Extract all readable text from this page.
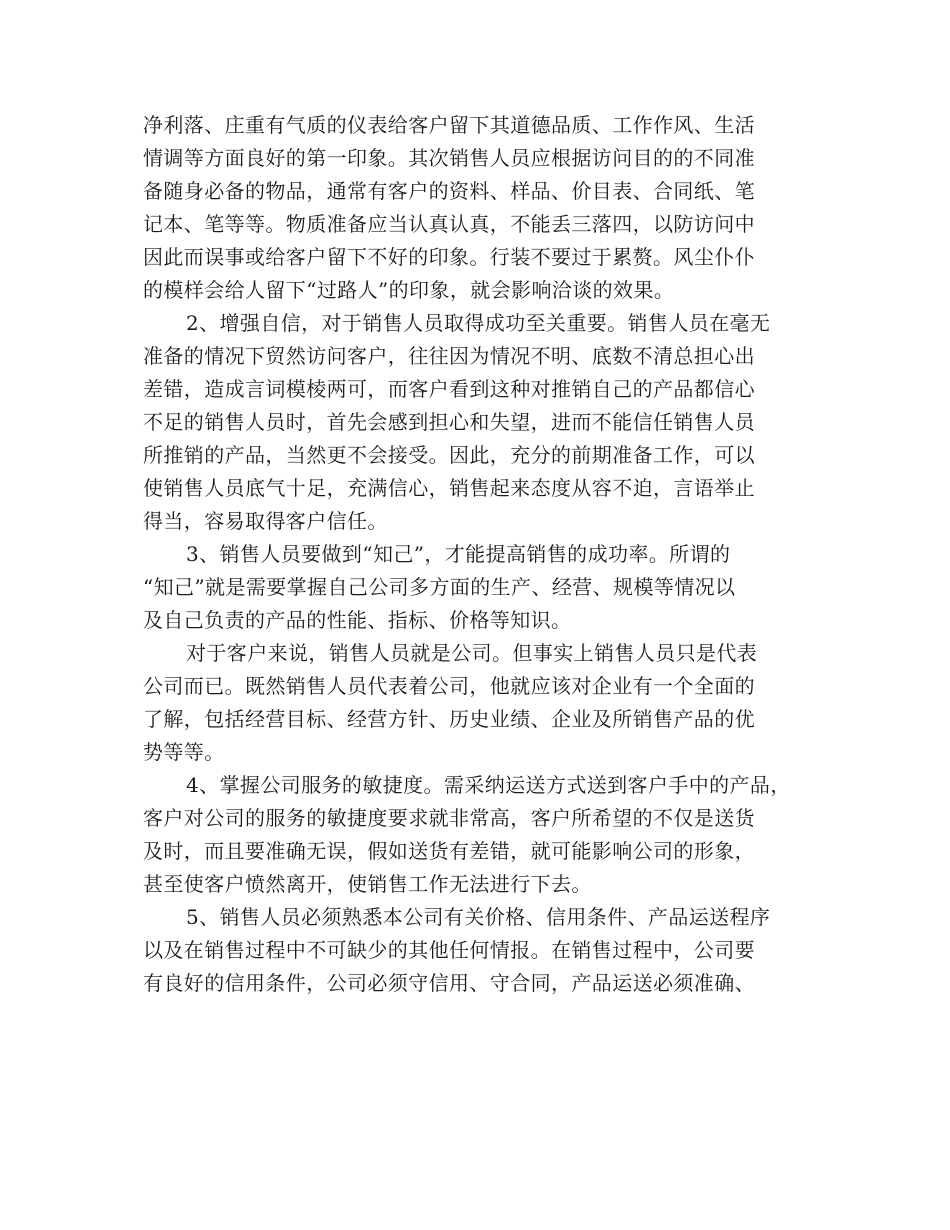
净利落、庄重有气质的仪表给客户留下其道德品质、工作作风、生活
情调等方面良好的第一印象。其次销售人员应根据访问目的的不同准
备随身必备的物品，通常有客户的资料、样品、价目表、合同纸、笔
记本、笔等等。物质准备应当认真认真，不能丢三落四，以防访问中
因此而误事或给客户留下不好的印象。行装不要过于累赘。风尘仆仆
的模样会给人留下“过路人”的印象，就会影响洽谈的效果。
2、增强自信，对于销售人员取得成功至关重要。销售人员在毫无
准备的情况下贸然访问客户，往往因为情况不明、底数不清总担心出
差错，造成言词模棱两可，而客户看到这种对推销自己的产品都信心
不足的销售人员时，首先会感到担心和失望，进而不能信任销售人员
所推销的产品，当然更不会接受。因此，充分的前期准备工作，可以
使销售人员底气十足，充满信心，销售起来态度从容不迫，言语举止
得当，容易取得客户信任。
3、销售人员要做到“知己”，才能提高销售的成功率。所谓的
“知己”就是需要掌握自己公司多方面的生产、经营、规模等情况以
及自己负责的产品的性能、指标、价格等知识。
对于客户来说，销售人员就是公司。但事实上销售人员只是代表
公司而已。既然销售人员代表着公司，他就应该对企业有一个全面的
了解，包括经营目标、经营方针、历史业绩、企业及所销售产品的优
势等等。
4、掌握公司服务的敏捷度。需采纳运送方式送到客户手中的产品，
客户对公司的服务的敏捷度要求就非常高，客户所希望的不仅是送货
及时，而且要准确无误，假如送货有差错，就可能影响公司的形象，
甚至使客户愤然离开，使销售工作无法进行下去。
5、销售人员必须熟悉本公司有关价格、信用条件、产品运送程序
以及在销售过程中不可缺少的其他任何情报。在销售过程中，公司要
有良好的信用条件，公司必须守信用、守合同，产品运送必须准确、
